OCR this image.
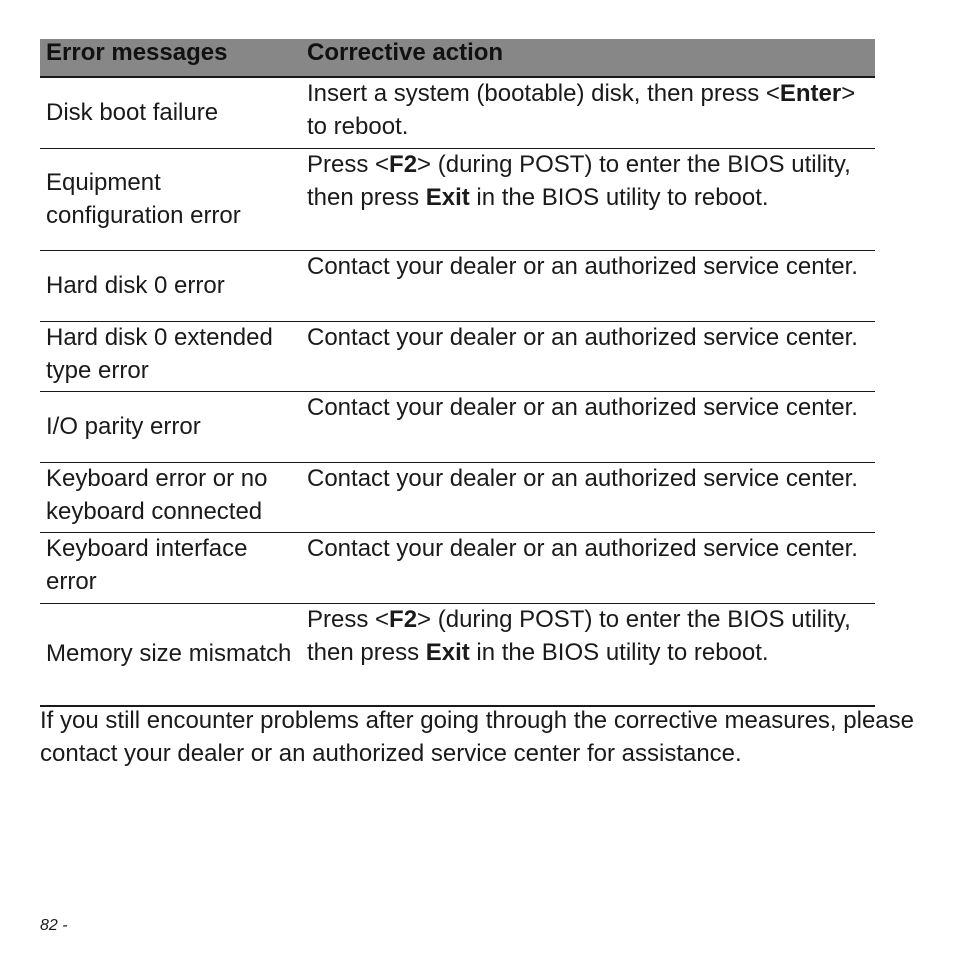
Error messages	Corrective action
Disk boot failure	Insert a system (bootable) disk, then press <Enter> to reboot.
Equipment configuration error	Press <F2> (during POST) to enter the BIOS utility, then press Exit in the BIOS utility to reboot.
Hard disk 0 error	Contact your dealer or an authorized service center.
Hard disk 0 extended type error	Contact your dealer or an authorized service center.
I/O parity error	Contact your dealer or an authorized service center.
Keyboard error or no keyboard connected	Contact your dealer or an authorized service center.
Keyboard interface error	Contact your dealer or an authorized service center.
Memory size mismatch	Press <F2> (during POST) to enter the BIOS utility, then press Exit in the BIOS utility to reboot.

If you still encounter problems after going through the corrective measures, please contact your dealer or an authorized service center for assistance.

82 -
